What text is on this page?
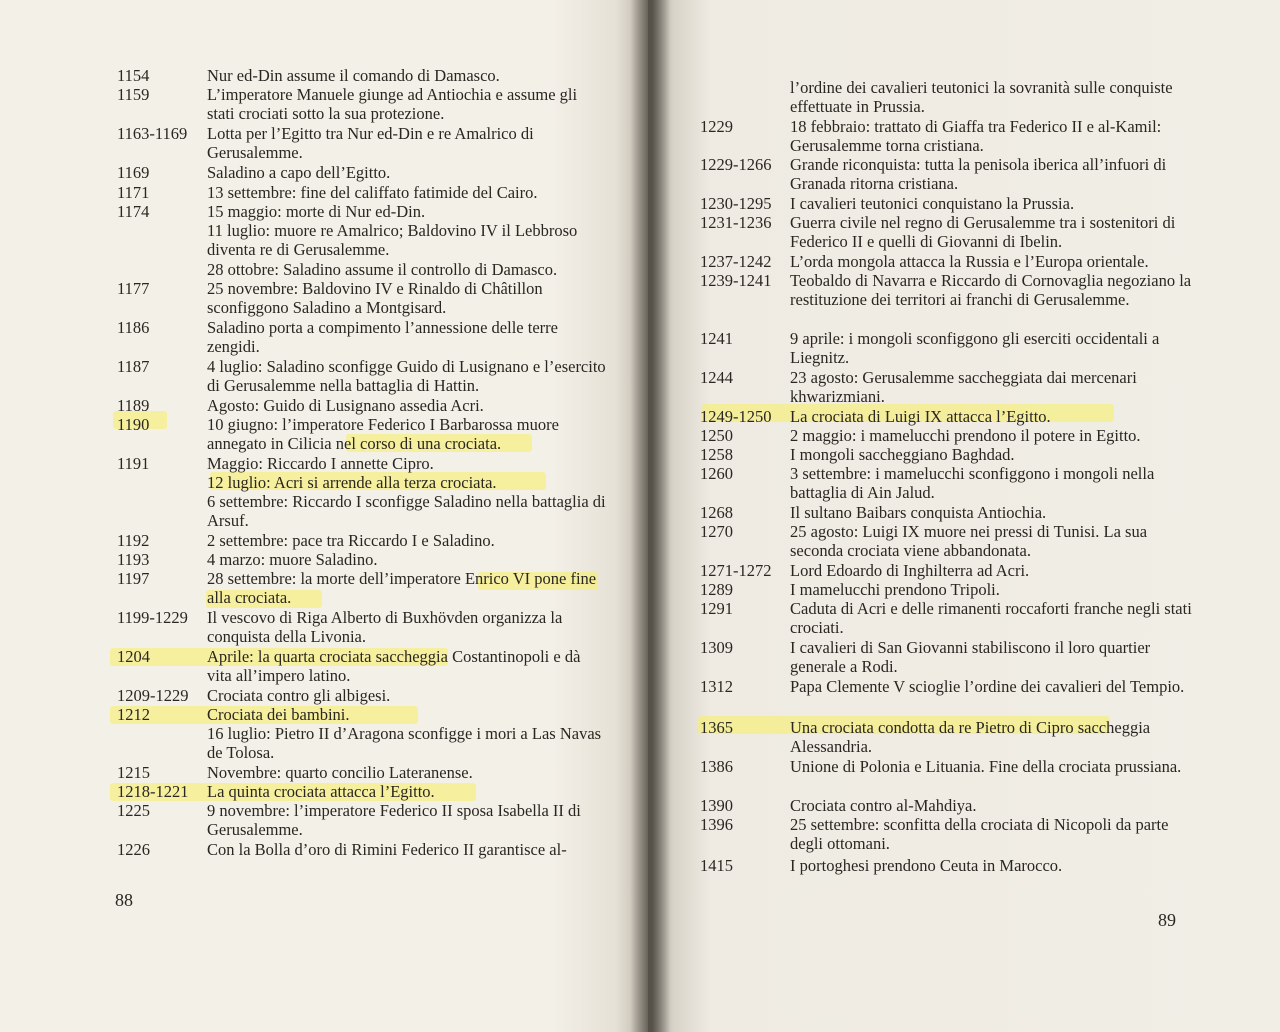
1154	Nur ed-Din assume il comando di Damasco.
1159	L’imperatore Manuele giunge ad Antiochia e assume gli stati crociati sotto la sua protezione.
1163-1169 Lotta per l’Egitto tra Nur ed-Din e re Amalrico di Gerusalemme.
1169	Saladino a capo dell’Egitto.
1171	13 settembre: fine del califfato fatimide del Cairo.
1174	15 maggio: morte di Nur ed-Din.
11 luglio: muore re Amalrico; Baldovino IV il Lebbroso diventa re di Gerusalemme.
28 ottobre: Saladino assume il controllo di Damasco.
1177	25 novembre: Baldovino IV e Rinaldo di Châtillon sconfiggono Saladino a Montgisard.
1186	Saladino porta a compimento l’annessione delle terre zengidi.
1187	4 luglio: Saladino sconfigge Guido di Lusignano e l’esercito di Gerusalemme nella battaglia di Hattin.
1189	Agosto: Guido di Lusignano assedia Acri.
1190	10 giugno: l’imperatore Federico I Barbarossa muore annegato in Cilicia nel corso di una crociata.
1191	Maggio: Riccardo I annette Cipro.
12 luglio: Acri si arrende alla terza crociata.
6 settembre: Riccardo I sconfigge Saladino nella battaglia di Arsuf.
1192	2 settembre: pace tra Riccardo I e Saladino.
1193	4 marzo: muore Saladino.
1197	28 settembre: la morte dell’imperatore Enrico VI pone fine alla crociata.
1199-1229 Il vescovo di Riga Alberto di Buxhövden organizza la conquista della Livonia.
1204	Aprile: la quarta crociata saccheggia Costantinopoli e dà vita all’impero latino.
1209-1229 Crociata contro gli albigesi.
1212	Crociata dei bambini.
16 luglio: Pietro II d’Aragona sconfigge i mori a Las Navas de Tolosa.
1215	Novembre: quarto concilio Lateranense.
1218-1221 La quinta crociata attacca l’Egitto.
1225	9 novembre: l’imperatore Federico II sposa Isabella II di Gerusalemme.
1226	Con la Bolla d’oro di Rimini Federico II garantisce al-
88
l’ordine dei cavalieri teutonici la sovranità sulle conquiste effettuate in Prussia.
1229	18 febbraio: trattato di Giaffa tra Federico II e al-Kamil: Gerusalemme torna cristiana.
1229-1266 Grande riconquista: tutta la penisola iberica all’infuori di Granada ritorna cristiana.
1230-1295 I cavalieri teutonici conquistano la Prussia.
1231-1236 Guerra civile nel regno di Gerusalemme tra i sostenitori di Federico II e quelli di Giovanni di Ibelin.
1237-1242 L’orda mongola attacca la Russia e l’Europa orientale.
1239-1241 Teobaldo di Navarra e Riccardo di Cornovaglia negoziano la restituzione dei territori ai franchi di Gerusalemme.
1241	9 aprile: i mongoli sconfiggono gli eserciti occidentali a Liegnitz.
1244	23 agosto: Gerusalemme saccheggiata dai mercenari khwarizmiani.
1249-1250 La crociata di Luigi IX attacca l’Egitto.
1250	2 maggio: i mamelucchi prendono il potere in Egitto.
1258	I mongoli saccheggiano Baghdad.
1260	3 settembre: i mamelucchi sconfiggono i mongoli nella battaglia di Ain Jalud.
1268	Il sultano Baibars conquista Antiochia.
1270	25 agosto: Luigi IX muore nei pressi di Tunisi. La sua seconda crociata viene abbandonata.
1271-1272 Lord Edoardo di Inghilterra ad Acri.
1289	I mamelucchi prendono Tripoli.
1291	Caduta di Acri e delle rimanenti roccaforti franche negli stati crociati.
1309	I cavalieri di San Giovanni stabiliscono il loro quartier generale a Rodi.
1312	Papa Clemente V scioglie l’ordine dei cavalieri del Tempio.
1365	Una crociata condotta da re Pietro di Cipro saccheggia Alessandria.
1386	Unione di Polonia e Lituania. Fine della crociata prussiana.
1390	Crociata contro al-Mahdiya.
1396	25 settembre: sconfitta della crociata di Nicopoli da parte degli ottomani.
1415	I portoghesi prendono Ceuta in Marocco.
89
